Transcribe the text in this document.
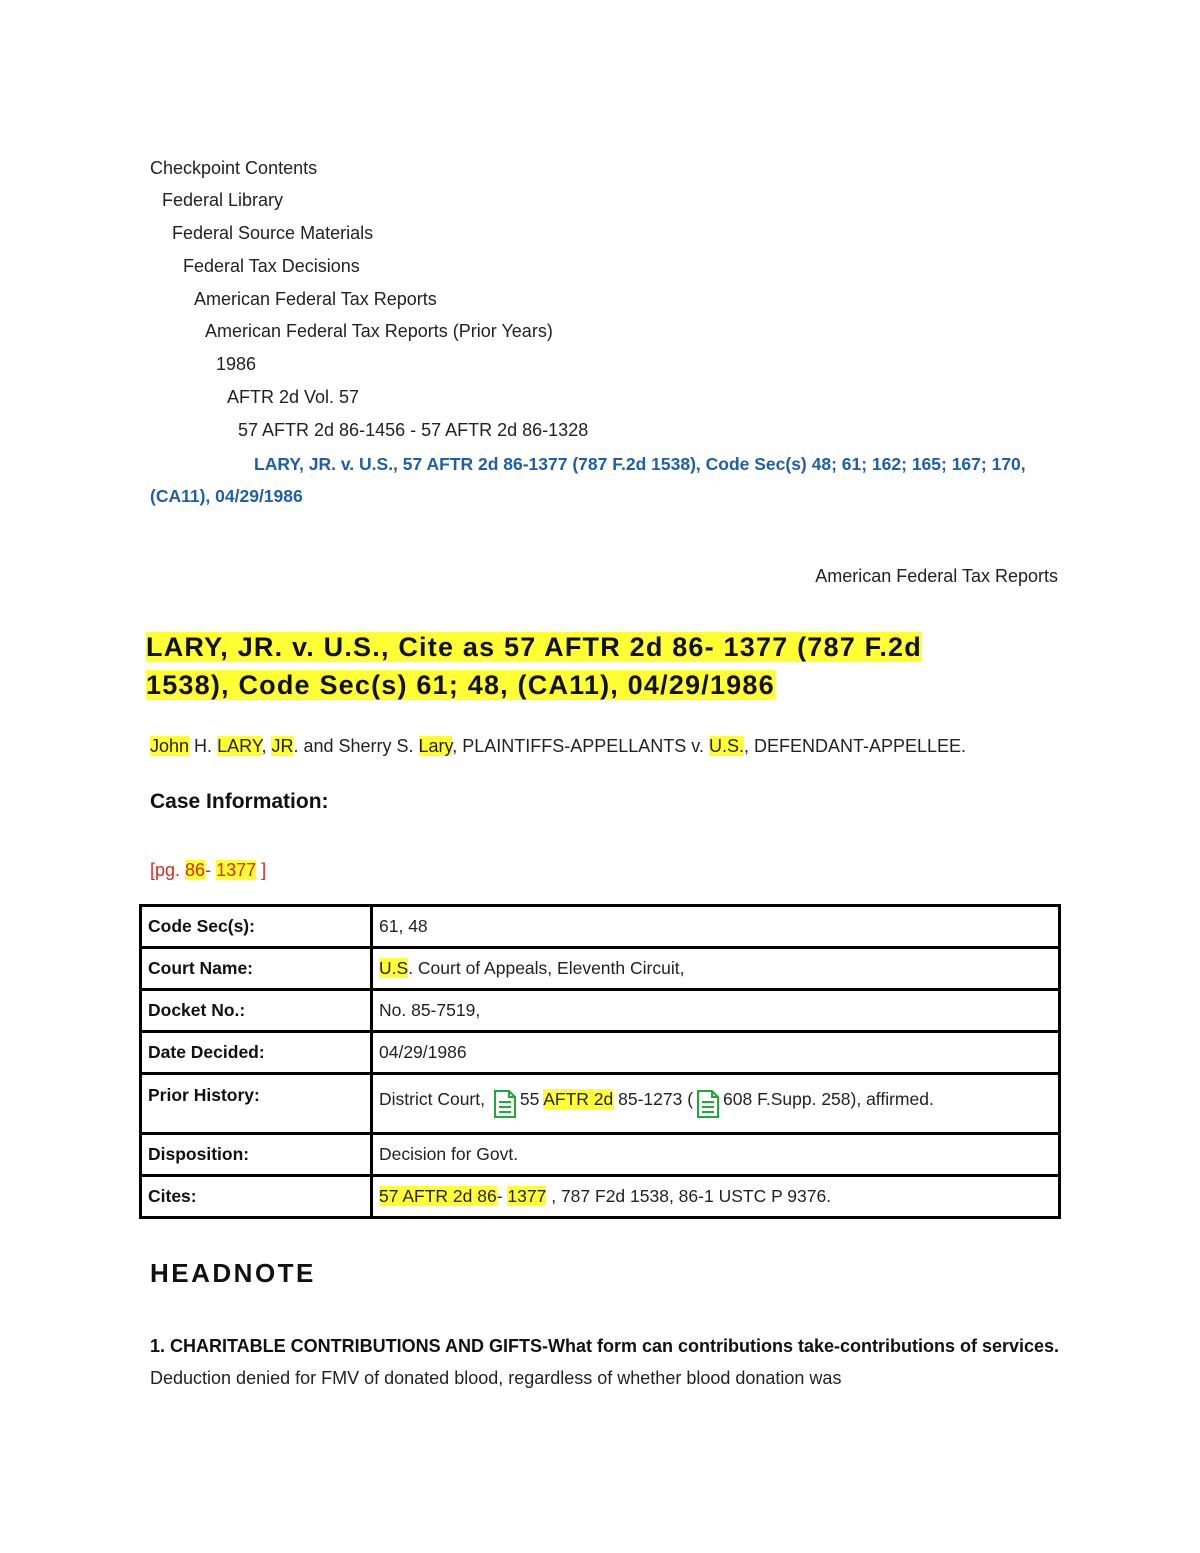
Checkpoint Contents
Federal Library
Federal Source Materials
Federal Tax Decisions
American Federal Tax Reports
American Federal Tax Reports (Prior Years)
1986
AFTR 2d Vol. 57
57 AFTR 2d 86-1456 - 57 AFTR 2d 86-1328
LARY, JR. v. U.S., 57 AFTR 2d 86-1377 (787 F.2d 1538), Code Sec(s) 48; 61; 162; 165; 167; 170, (CA11), 04/29/1986
American Federal Tax Reports
LARY, JR. v. U.S., Cite as 57 AFTR 2d 86- 1377 (787 F.2d
1538), Code Sec(s) 61; 48, (CA11), 04/29/1986
John H. LARY, JR. and Sherry S. Lary, PLAINTIFFS-APPELLANTS v. U.S., DEFENDANT-APPELLEE.
Case Information:
[pg. 86- 1377 ]
Code Sec(s):	61, 48
Court Name:	U.S. Court of Appeals, Eleventh Circuit,
Docket No.:	No. 85-7519,
Date Decided:	04/29/1986
Prior History:	District Court, 55 AFTR 2d 85-1273 ( 608 F.Supp. 258), affirmed.
Disposition:	Decision for Govt.
Cites:	57 AFTR 2d 86- 1377 , 787 F2d 1538, 86-1 USTC P 9376.
HEADNOTE

1. CHARITABLE CONTRIBUTIONS AND GIFTS-What form can contributions take-contributions of services. Deduction denied for FMV of donated blood, regardless of whether blood donation was
